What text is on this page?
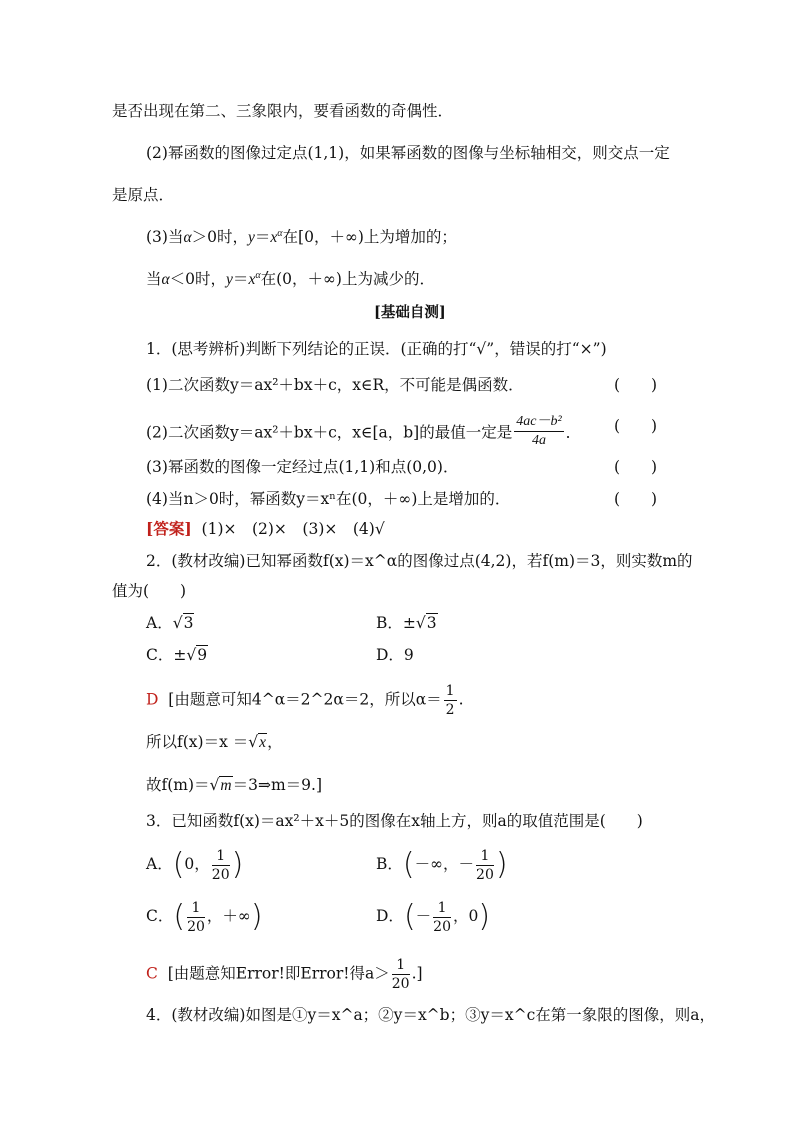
是否出现在第二、三象限内，要看函数的奇偶性．
(2)幂函数的图像过定点(1,1)，如果幂函数的图像与坐标轴相交，则交点一定
是原点．
(3)当α＞0时，$y=x^\alpha$在[0，＋∞)上为增加的；
当α＜0时，$y=x^\alpha$在(0，＋∞)上为减少的．
[基础自测]
1．(思考辨析)判断下列结论的正误．(正确的打“√”，错误的打“×”)
(1)二次函数y＝ax²＋bx＋c，x∈R，不可能是偶函数．	(　　)
(2)二次函数y＝ax²＋bx＋c，x∈[a，b]的最值一定是 $\frac{\text{4ac－b²}}{4a}$ ． (　　)
(3)幂函数的图像一定经过点(1,1)和点(0,0)．	(　　)
(4)当n＞0时，幂函数y＝xⁿ在(0，＋∞)上是增加的．	(　　)
[答案] (1)×　(2)×　(3)×　(4)√
2．(教材改编)已知幂函数f(x)＝x^α的图像过点(4,2)，若f(m)＝3，则实数m的
值为(　　)
A．√3	B．±√3
C．±√9	D．9
D [由题意可知4^α＝2^2α＝2，所以$\alpha= \frac{1}{2}$ .
所以f(x)＝x ＝√x，
故f(m)＝√m＝3⇒m＝9.]
3．已知函数f(x)＝ax²＋x＋5的图像在x轴上方，则a的取值范围是(　　)
A．(0， $\frac{1}{20}$ )	B．(－∞，－ $\frac{1}{20}$ )
C．( $\frac{1}{20}$ ，＋∞)	D．(－ $\frac{1}{20}$ ，0)
C [由题意知Error!即Error!得$a> \frac{1}{20}$ .]
4．(教材改编)如图是①y＝x^a；②y＝x^b；③y＝x^c在第一象限的图像，则a，
